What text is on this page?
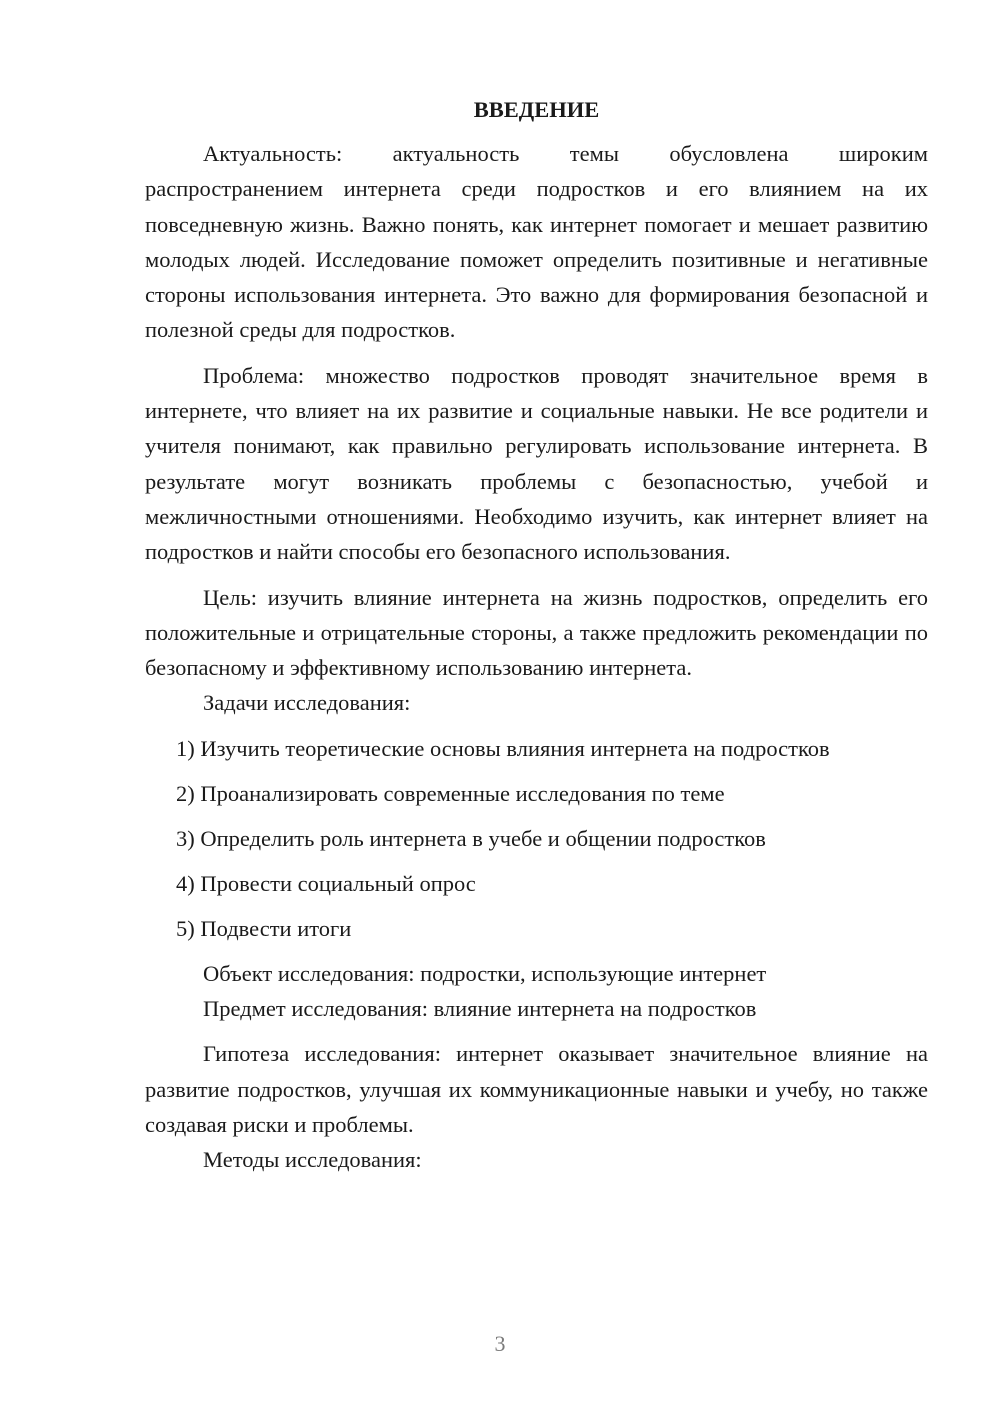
ВВЕДЕНИЕ

Актуальность: актуальность темы обусловлена широким распространением интернета среди подростков и его влиянием на их повседневную жизнь. Важно понять, как интернет помогает и мешает развитию молодых людей. Исследование поможет определить позитивные и негативные стороны использования интернета. Это важно для формирования безопасной и полезной среды для подростков.

Проблема: множество подростков проводят значительное время в интернете, что влияет на их развитие и социальные навыки. Не все родители и учителя понимают, как правильно регулировать использование интернета. В результате могут возникать проблемы с безопасностью, учебой и межличностными отношениями. Необходимо изучить, как интернет влияет на подростков и найти способы его безопасного использования.

Цель: изучить влияние интернета на жизнь подростков, определить его положительные и отрицательные стороны, а также предложить рекомендации по безопасному и эффективному использованию интернета.

Задачи исследования:

1) Изучить теоретические основы влияния интернета на подростков
2) Проанализировать современные исследования по теме
3) Определить роль интернета в учебе и общении подростков
4) Провести социальный опрос
5) Подвести итоги

Объект исследования: подростки, использующие интернет

Предмет исследования: влияние интернета на подростков

Гипотеза исследования: интернет оказывает значительное влияние на развитие подростков, улучшая их коммуникационные навыки и учебу, но также создавая риски и проблемы.

Методы исследования:

3
